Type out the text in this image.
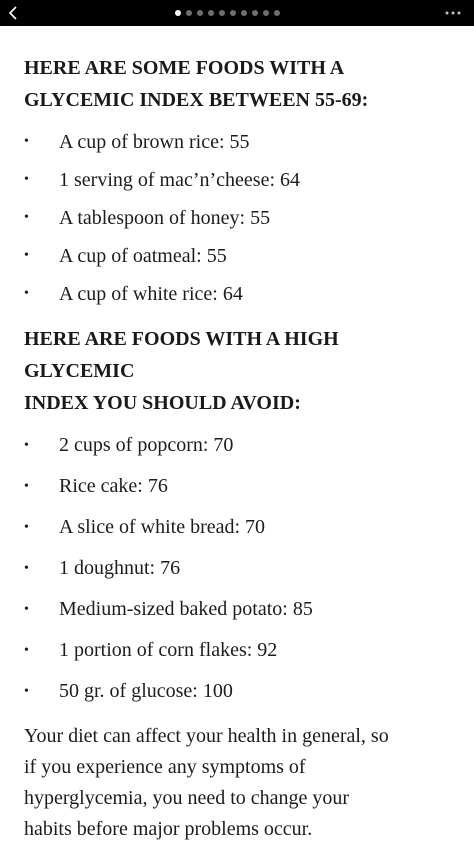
HERE ARE SOME FOODS WITH A
GLYCEMIC INDEX BETWEEN 55-69:
• A cup of brown rice: 55
• 1 serving of mac’n’cheese: 64
• A tablespoon of honey: 55
• A cup of oatmeal: 55
• A cup of white rice: 64
HERE ARE FOODS WITH A HIGH GLYCEMIC
INDEX YOU SHOULD AVOID:
• 2 cups of popcorn: 70
• Rice cake: 76
• A slice of white bread: 70
• 1 doughnut: 76
• Medium-sized baked potato: 85
• 1 portion of corn flakes: 92
• 50 gr. of glucose: 100

Your diet can affect your health in general, so
if you experience any symptoms of
hyperglycemia, you need to change your
habits before major problems occur.
